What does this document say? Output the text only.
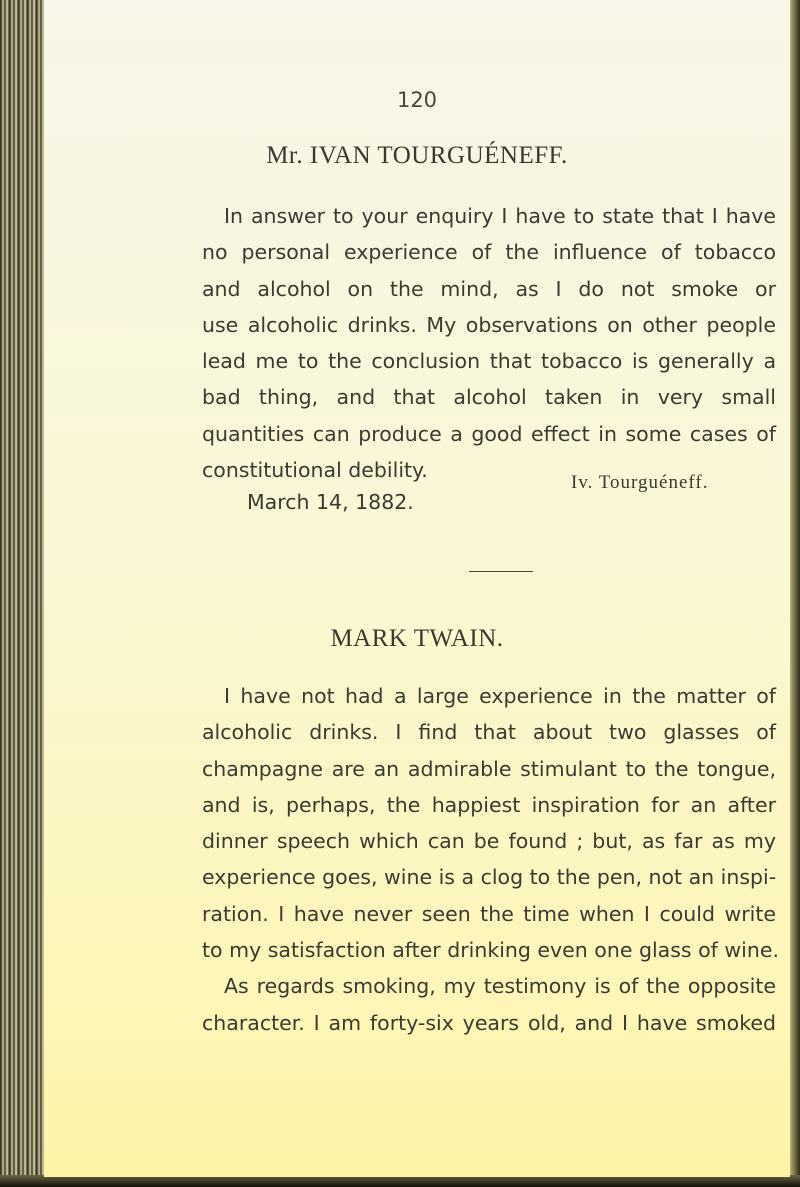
120
Mr. IVAN TOURGUÉNEFF.
In answer to your enquiry I have to state that I have
no personal experience of the influence of tobacco
and alcohol on the mind, as I do not smoke or
use alcoholic drinks. My observations on other people
lead me to the conclusion that tobacco is generally a
bad thing, and that alcohol taken in very small
quantities can produce a good effect in some cases of
constitutional debility.
Iv. Tourguéneff.
March 14, 1882.
MARK TWAIN.
I have not had a large experience in the matter of
alcoholic drinks. I find that about two glasses of
champagne are an admirable stimulant to the tongue,
and is, perhaps, the happiest inspiration for an after
dinner speech which can be found ; but, as far as my
experience goes, wine is a clog to the pen, not an inspi-
ration. I have never seen the time when I could write
to my satisfaction after drinking even one glass of wine.
As regards smoking, my testimony is of the opposite
character. I am forty-six years old, and I have smoked
